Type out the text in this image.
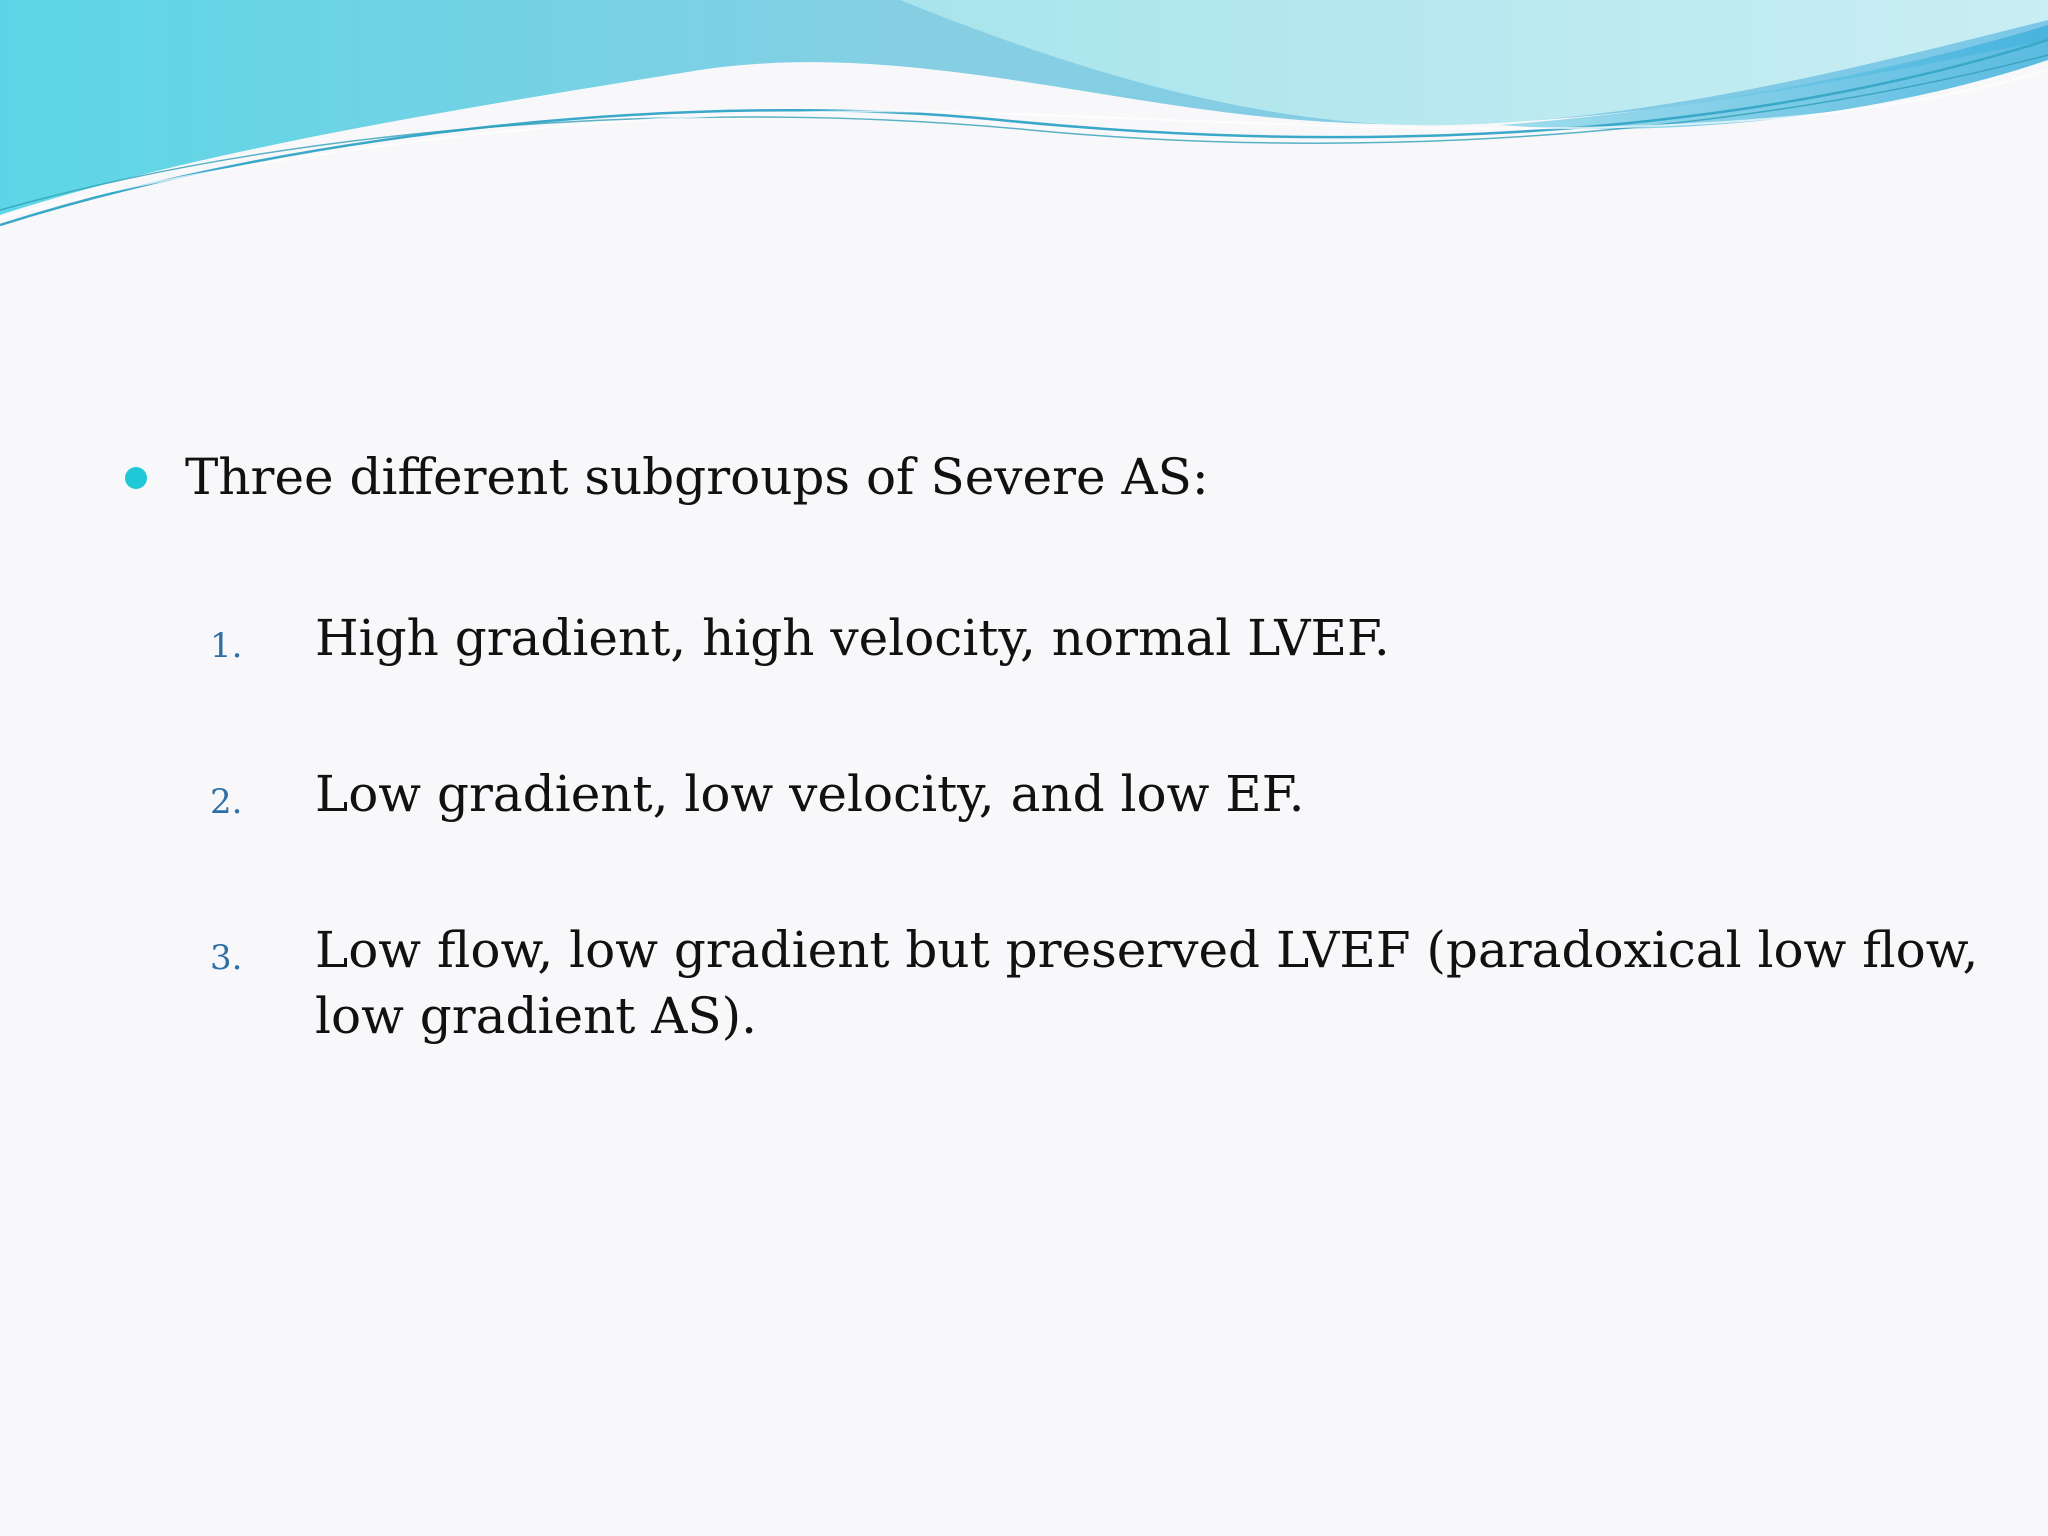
Three different subgroups of Severe AS:
1. High gradient, high velocity, normal LVEF.
2. Low gradient, low velocity, and low EF.
3. Low flow, low gradient but preserved LVEF (paradoxical low flow, low gradient AS).
